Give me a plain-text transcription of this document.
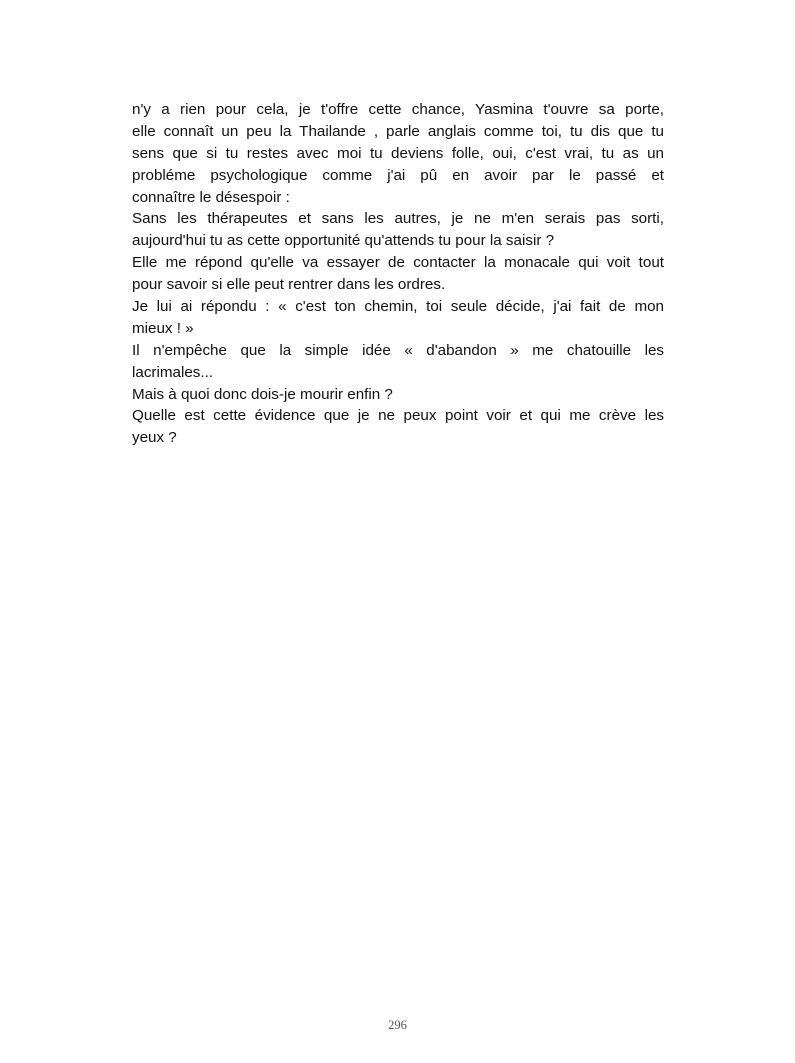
n'y a rien pour cela, je t'offre cette chance, Yasmina t'ouvre sa porte,
elle connaît un peu la Thailande , parle anglais comme toi, tu dis que tu
sens que si tu restes avec moi tu deviens folle, oui, c'est vrai, tu as un
probléme psychologique comme j'ai pû en avoir par le passé et
connaître le désespoir :
Sans les thérapeutes et sans les autres, je ne m'en serais pas sorti,
aujourd'hui tu as cette opportunité qu'attends tu pour la saisir ?
Elle me répond qu'elle va essayer de contacter la monacale qui voit tout
pour savoir si elle peut rentrer dans les ordres.
Je lui ai répondu : « c'est ton chemin, toi seule décide, j'ai fait de mon
mieux ! »
Il n'empêche que la simple idée « d'abandon » me chatouille les
lacrimales...
Mais à quoi donc dois-je mourir enfin ?
Quelle est cette évidence que je ne peux point voir et qui me crève les
yeux ?
296
